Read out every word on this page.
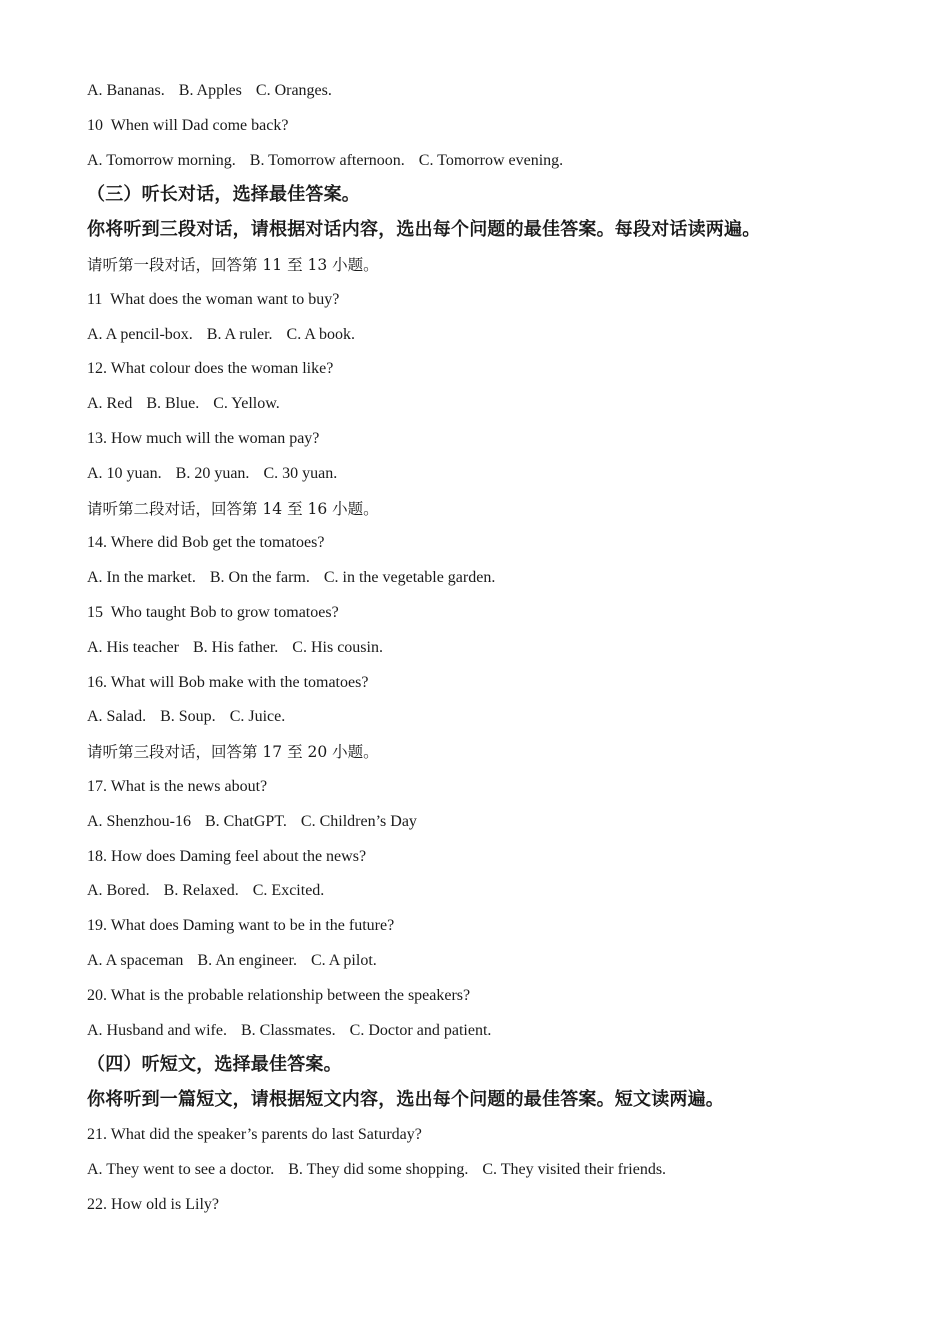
A. Bananas. B. Apples C. Oranges.
10  When will Dad come back?
A. Tomorrow morning. B. Tomorrow afternoon. C. Tomorrow evening.
（三）听长对话，选择最佳答案。
你将听到三段对话，请根据对话内容，选出每个问题的最佳答案。每段对话读两遍。
请听第一段对话，回答第 11 至 13 小题。
11  What does the woman want to buy?
A. A pencil-box. B. A ruler. C. A book.
12. What colour does the woman like?
A. Red B. Blue. C. Yellow.
13. How much will the woman pay?
A. 10 yuan. B. 20 yuan. C. 30 yuan.
请听第二段对话，回答第 14 至 16 小题。
14. Where did Bob get the tomatoes?
A. In the market. B. On the farm. C. in the vegetable garden.
15  Who taught Bob to grow tomatoes?
A. His teacher B. His father. C. His cousin.
16. What will Bob make with the tomatoes?
A. Salad. B. Soup. C. Juice.
请听第三段对话，回答第 17 至 20 小题。
17. What is the news about?
A. Shenzhou-16 B. ChatGPT. C. Children’s Day
18. How does Daming feel about the news?
A. Bored. B. Relaxed. C. Excited.
19. What does Daming want to be in the future?
A. A spaceman B. An engineer. C. A pilot.
20. What is the probable relationship between the speakers?
A. Husband and wife. B. Classmates. C. Doctor and patient.
（四）听短文，选择最佳答案。
你将听到一篇短文，请根据短文内容，选出每个问题的最佳答案。短文读两遍。
21. What did the speaker’s parents do last Saturday?
A. They went to see a doctor. B. They did some shopping. C. They visited their friends.
22. How old is Lily?
